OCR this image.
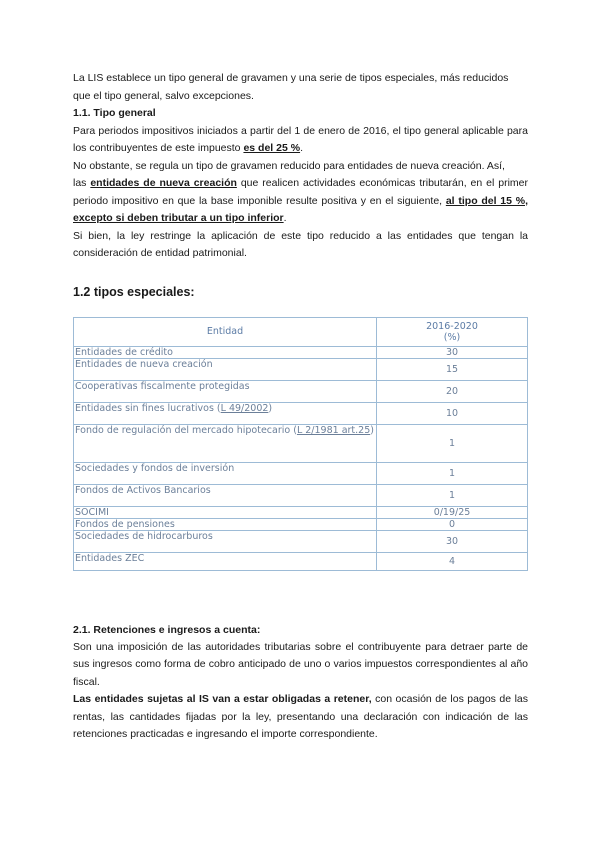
La LIS establece un tipo general de gravamen y una serie de tipos especiales, más reducidos

que el tipo general, salvo excepciones.

1.1. Tipo general

Para periodos impositivos iniciados a partir del 1 de enero de 2016, el tipo general aplicable para los contribuyentes de este impuesto es del 25 %.

No obstante, se regula un tipo de gravamen reducido para entidades de nueva creación. Así,

las entidades de nueva creación que realicen actividades económicas tributarán, en el primer periodo impositivo en que la base imponible resulte positiva y en el siguiente, al tipo del 15 %, excepto si deben tributar a un tipo inferior.

Si bien, la ley restringe la aplicación de este tipo reducido a las entidades que tengan la consideración de entidad patrimonial.

1.2 tipos especiales:
Entidad	2016-2020
(%)

Entidades de crédito	30
Entidades de nueva creación	15
Cooperativas fiscalmente protegidas	20
Entidades sin fines lucrativos (L 49/2002)	10
Fondo de regulación del mercado hipotecario (L 2/1981 art.25)	1
Sociedades y fondos de inversión	1
Fondos de Activos Bancarios	1
SOCIMI	0/19/25
Fondos de pensiones	0
Sociedades de hidrocarburos	30
Entidades ZEC	4
2.1. Retenciones e ingresos a cuenta:

Son una imposición de las autoridades tributarias sobre el contribuyente para detraer parte de sus ingresos como forma de cobro anticipado de uno o varios impuestos correspondientes al año fiscal.

Las entidades sujetas al IS van a estar obligadas a retener, con ocasión de los pagos de las rentas, las cantidades fijadas por la ley, presentando una declaración con indicación de las retenciones practicadas e ingresando el importe correspondiente.
